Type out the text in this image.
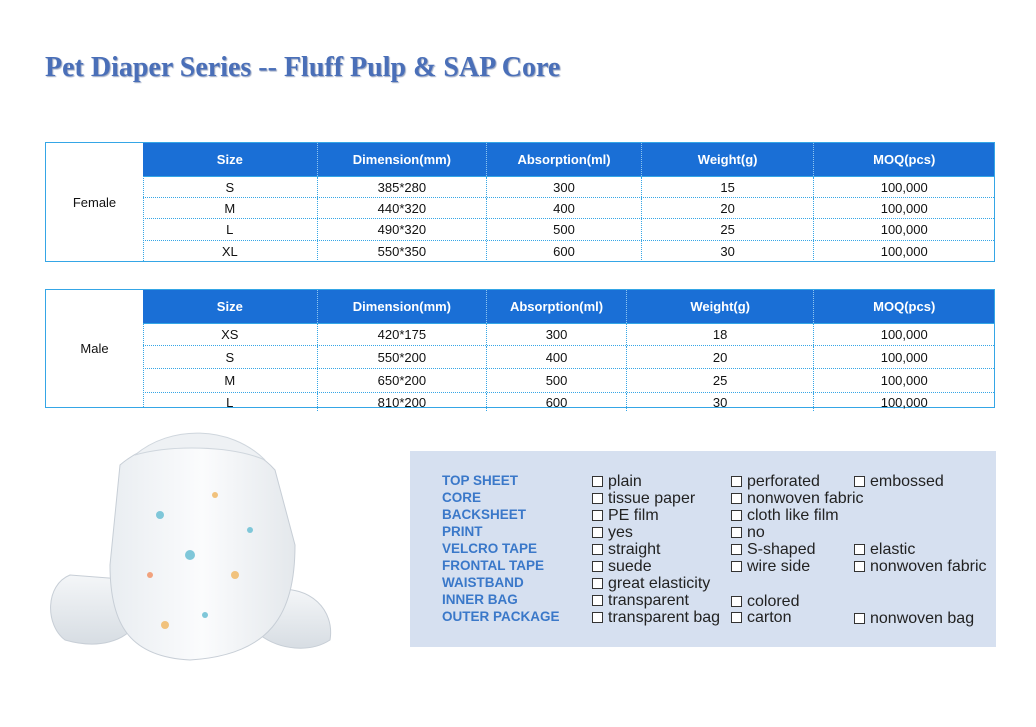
Pet Diaper Series -- Fluff Pulp & SAP Core
Female
Size	Dimension(mm)	Absorption(ml)	Weight(g)	MOQ(pcs)
S	385*280	300	15	100,000
M	440*320	400	20	100,000
L	490*320	500	25	100,000
XL	550*350	600	30	100,000
Male
Size	Dimension(mm)	Absorption(ml)	Weight(g)	MOQ(pcs)
XS	420*175	300	18	100,000
S	550*200	400	20	100,000
M	650*200	500	25	100,000
L	810*200	600	30	100,000
TOP SHEET	plain	perforated	embossed
CORE	tissue paper	nonwoven fabric
BACKSHEET	PE film	cloth like film
PRINT	yes	no
VELCRO TAPE	straight	S-shaped	elastic
FRONTAL TAPE	suede	wire side	nonwoven fabric
WAISTBAND	great elasticity
INNER BAG	transparent	colored
OUTER PACKAGE	transparent bag	carton	nonwoven bag
